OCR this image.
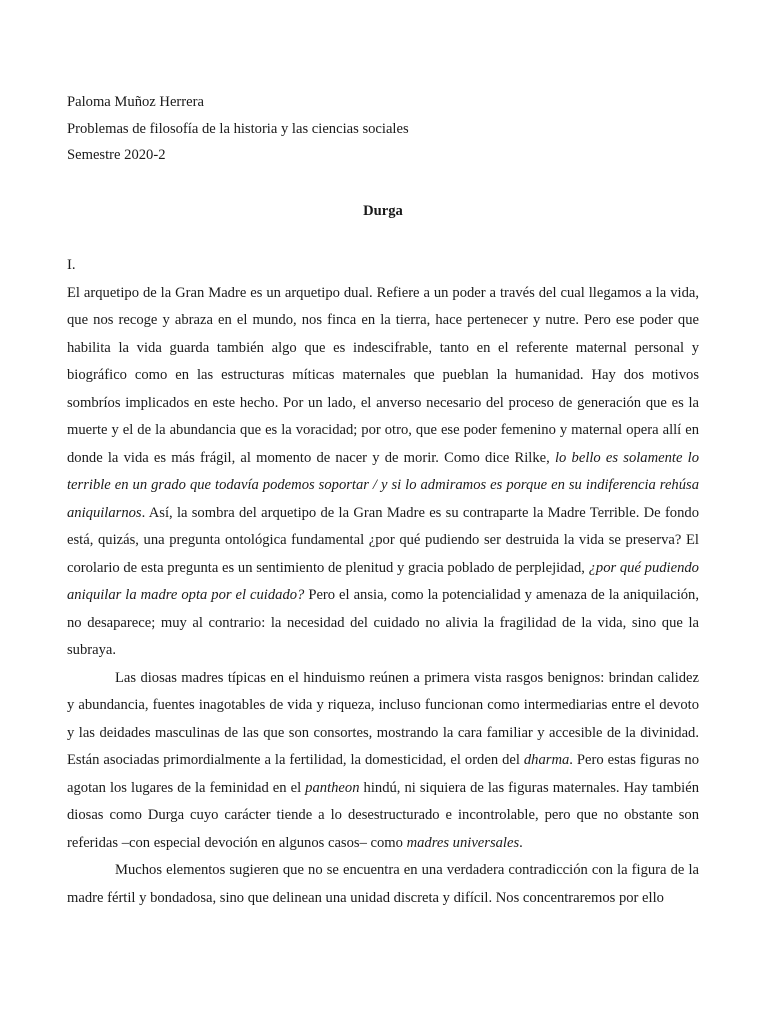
Paloma Muñoz Herrera

Problemas de filosofía de la historia y las ciencias sociales

Semestre 2020-2

Durga

I.

El arquetipo de la Gran Madre es un arquetipo dual. Refiere a un poder a través del cual llegamos a la vida, que nos recoge y abraza en el mundo, nos finca en la tierra, hace pertenecer y nutre. Pero ese poder que habilita la vida guarda también algo que es indescifrable, tanto en el referente maternal personal y biográfico como en las estructuras míticas maternales que pueblan la humanidad. Hay dos motivos sombríos implicados en este hecho. Por un lado, el anverso necesario del proceso de generación que es la muerte y el de la abundancia que es la voracidad; por otro, que ese poder femenino y maternal opera allí en donde la vida es más frágil, al momento de nacer y de morir. Como dice Rilke, lo bello es solamente lo terrible en un grado que todavía podemos soportar / y si lo admiramos es porque en su indiferencia rehúsa aniquilarnos. Así, la sombra del arquetipo de la Gran Madre es su contraparte la Madre Terrible. De fondo está, quizás, una pregunta ontológica fundamental ¿por qué pudiendo ser destruida la vida se preserva? El corolario de esta pregunta es un sentimiento de plenitud y gracia poblado de perplejidad, ¿por qué pudiendo aniquilar la madre opta por el cuidado? Pero el ansia, como la potencialidad y amenaza de la aniquilación, no desaparece; muy al contrario: la necesidad del cuidado no alivia la fragilidad de la vida, sino que la subraya.

Las diosas madres típicas en el hinduismo reúnen a primera vista rasgos benignos: brindan calidez y abundancia, fuentes inagotables de vida y riqueza, incluso funcionan como intermediarias entre el devoto y las deidades masculinas de las que son consortes, mostrando la cara familiar y accesible de la divinidad. Están asociadas primordialmente a la fertilidad, la domesticidad, el orden del dharma. Pero estas figuras no agotan los lugares de la feminidad en el pantheon hindú, ni siquiera de las figuras maternales. Hay también diosas como Durga cuyo carácter tiende a lo desestructurado e incontrolable, pero que no obstante son referidas –con especial devoción en algunos casos– como madres universales.

Muchos elementos sugieren que no se encuentra en una verdadera contradicción con la figura de la madre fértil y bondadosa, sino que delinean una unidad discreta y difícil. Nos concentraremos por ello
